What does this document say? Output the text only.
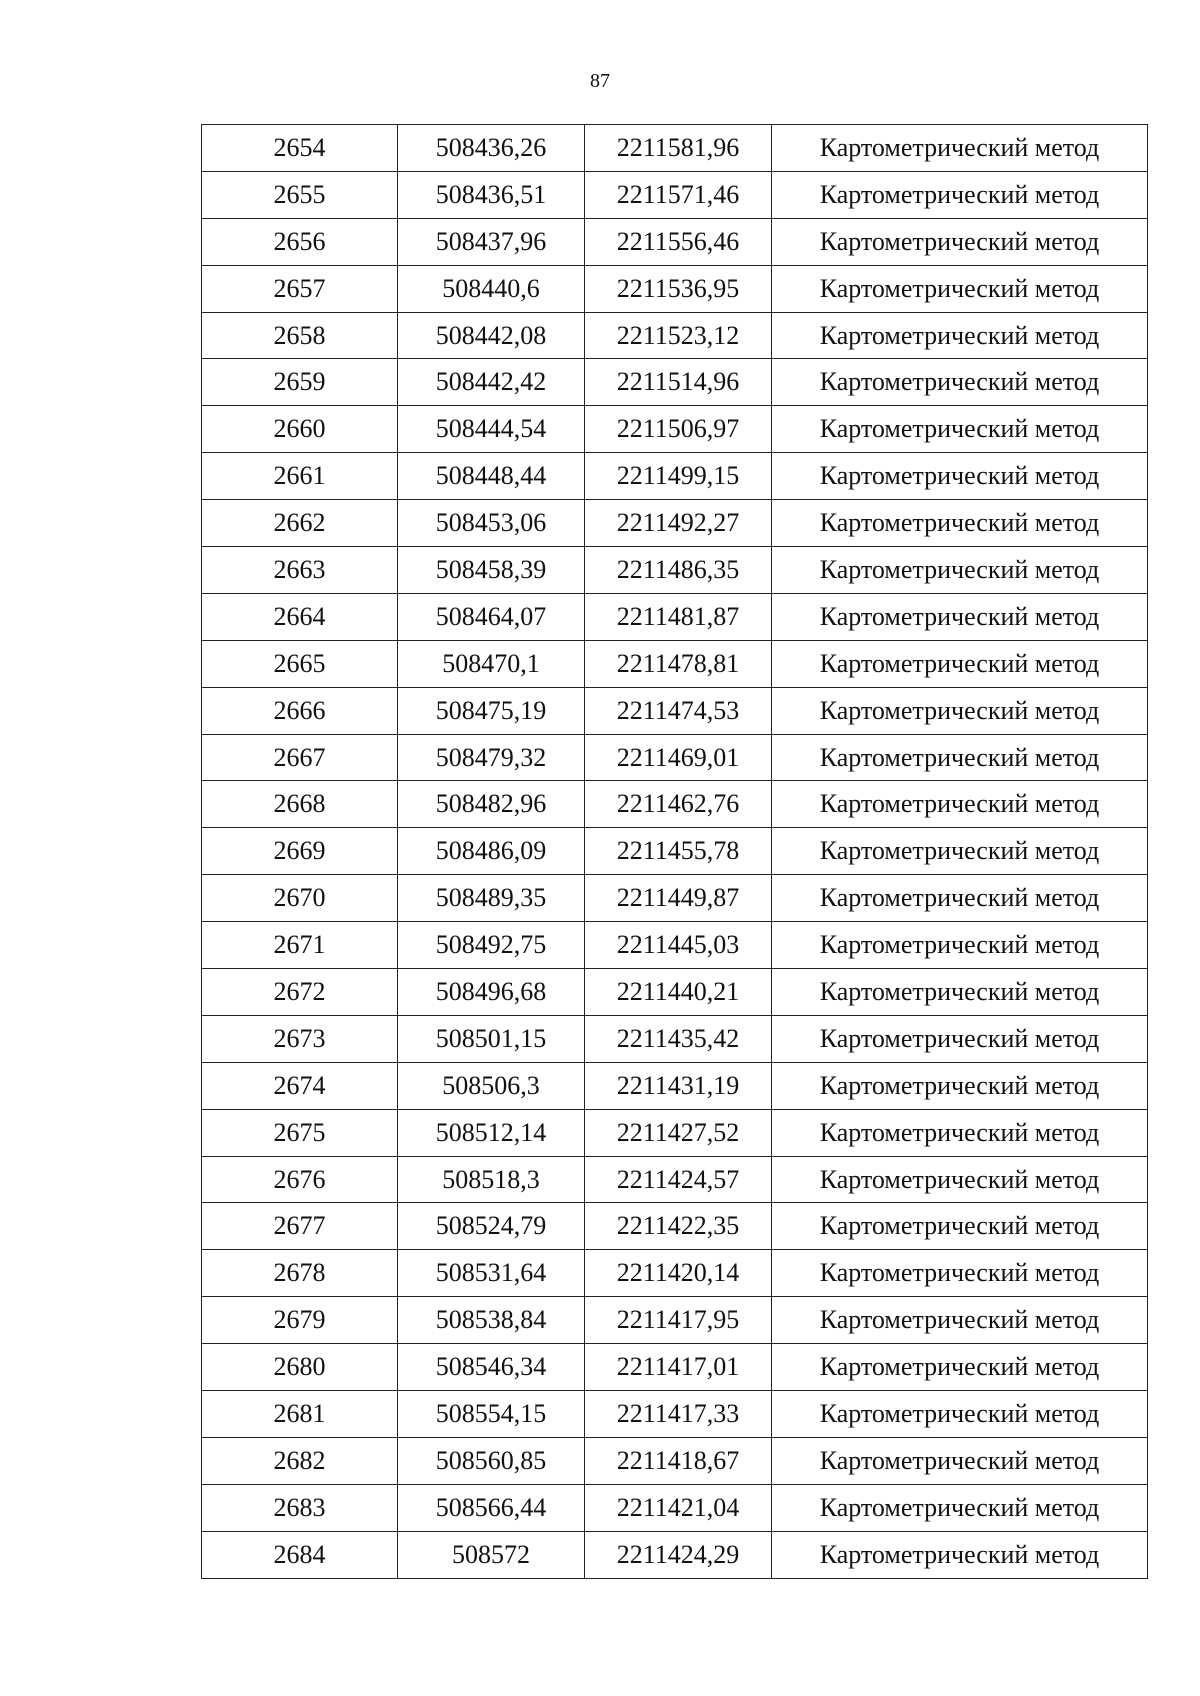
87
2654	508436,26	2211581,96	Картометрический метод
2655	508436,51	2211571,46	Картометрический метод
2656	508437,96	2211556,46	Картометрический метод
2657	508440,6	2211536,95	Картометрический метод
2658	508442,08	2211523,12	Картометрический метод
2659	508442,42	2211514,96	Картометрический метод
2660	508444,54	2211506,97	Картометрический метод
2661	508448,44	2211499,15	Картометрический метод
2662	508453,06	2211492,27	Картометрический метод
2663	508458,39	2211486,35	Картометрический метод
2664	508464,07	2211481,87	Картометрический метод
2665	508470,1	2211478,81	Картометрический метод
2666	508475,19	2211474,53	Картометрический метод
2667	508479,32	2211469,01	Картометрический метод
2668	508482,96	2211462,76	Картометрический метод
2669	508486,09	2211455,78	Картометрический метод
2670	508489,35	2211449,87	Картометрический метод
2671	508492,75	2211445,03	Картометрический метод
2672	508496,68	2211440,21	Картометрический метод
2673	508501,15	2211435,42	Картометрический метод
2674	508506,3	2211431,19	Картометрический метод
2675	508512,14	2211427,52	Картометрический метод
2676	508518,3	2211424,57	Картометрический метод
2677	508524,79	2211422,35	Картометрический метод
2678	508531,64	2211420,14	Картометрический метод
2679	508538,84	2211417,95	Картометрический метод
2680	508546,34	2211417,01	Картометрический метод
2681	508554,15	2211417,33	Картометрический метод
2682	508560,85	2211418,67	Картометрический метод
2683	508566,44	2211421,04	Картометрический метод
2684	508572	2211424,29	Картометрический метод
